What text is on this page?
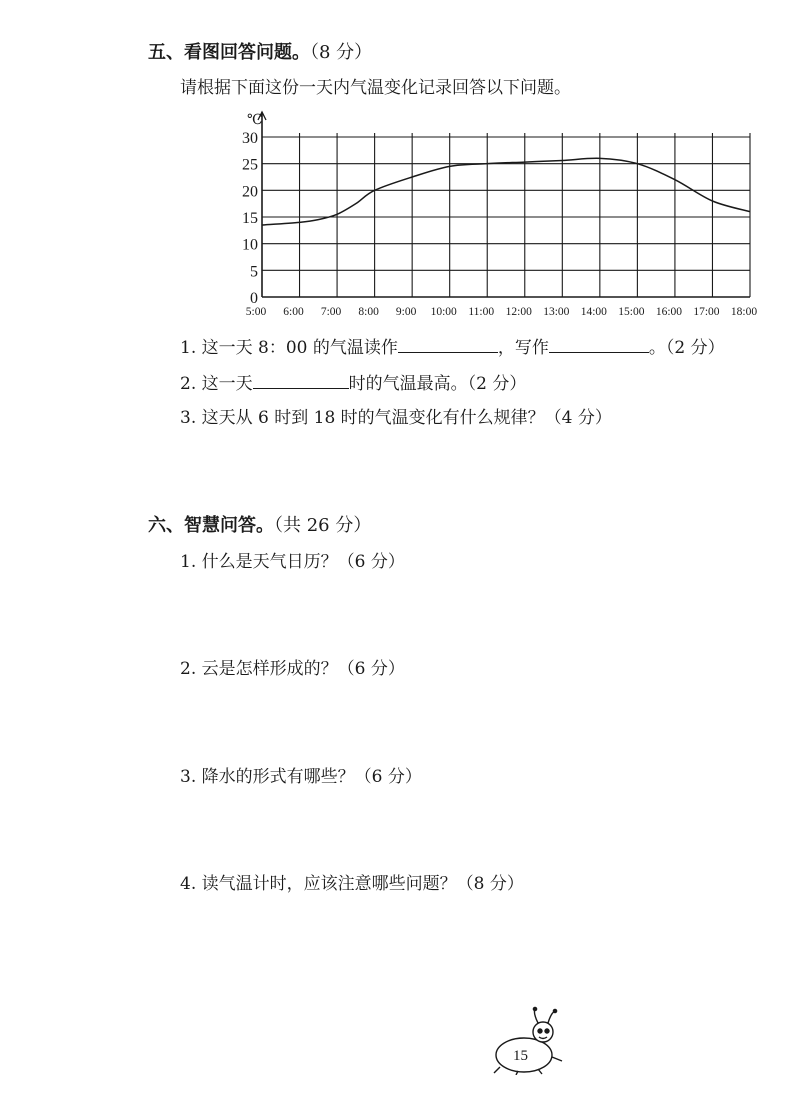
五、看图回答问题。（8 分）
请根据下面这份一天内气温变化记录回答以下问题。
℃
5:00 6:00 7:00 8:00 9:00 10:00 11:00 12:00 13:00 14:00 15:00 16:00 17:00 18:00
0
5
10
15
20
25
30
1. 这一天 8：00 的气温读作	，写作	。（2 分）
2. 这一天	时的气温最高。（2 分）
3. 这天从 6 时到 18 时的气温变化有什么规律？（4 分）
六、智慧问答。（共 26 分）
1. 什么是天气日历？（6 分）
2. 云是怎样形成的？（6 分）
3. 降水的形式有哪些？（6 分）
4. 读气温计时，应该注意哪些问题？（8 分）
15
